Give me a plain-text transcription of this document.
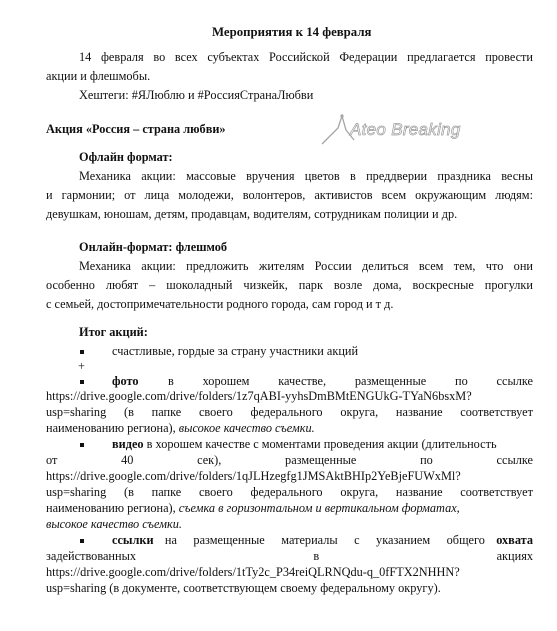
Мероприятия к 14 февраля
14 февраля во всех субъектах Российской Федерации предлагается провести
акции и флешмобы.
Хештеги: #ЯЛюблю и #РоссияСтранаЛюбви
Акция «Россия – страна любви»	Ateo Breaking
Офлайн формат:
Механика акции: массовые вручения цветов в преддверии праздника весны
и гармонии; от лица молодежи, волонтеров, активистов всем окружающим людям:
девушкам, юношам, детям, продавцам, водителям, сотрудникам полиции и др.
Онлайн-формат: флешмоб
Механика акции: предложить жителям России делиться всем тем, что они
особенно любят – шоколадный чизкейк, парк возле дома, воскресные прогулки
с семьей, достопримечательности родного города, сам город и т д.
Итог акций:
счастливые, гордые за страну участники акций
+
фото в хорошем качестве, размещенные по ссылке
https://drive.google.com/drive/folders/1z7qABI-yyhsDmBMtENGUkG-TYaN6bsxM?
usp=sharing (в папке своего федерального округа, название соответствует
наименованию региона), высокое качество съемки.
видео в хорошем качестве с моментами проведения акции (длительность
от 40 сек), размещенные по ссылке
https://drive.google.com/drive/folders/1qJLHzegfg1JMSAktBHIp2YeBjeFUWxMl?
usp=sharing (в папке своего федерального округа, название соответствует
наименованию региона), съемка в горизонтальном и вертикальном форматах,
высокое качество съемки.
ссылки на размещенные материалы с указанием общего охвата
задействованных в акциях
https://drive.google.com/drive/folders/1tTy2c_P34reiQLRNQdu-q_0fFTX2NHHN?
usp=sharing (в документе, соответствующем своему федеральному округу).
